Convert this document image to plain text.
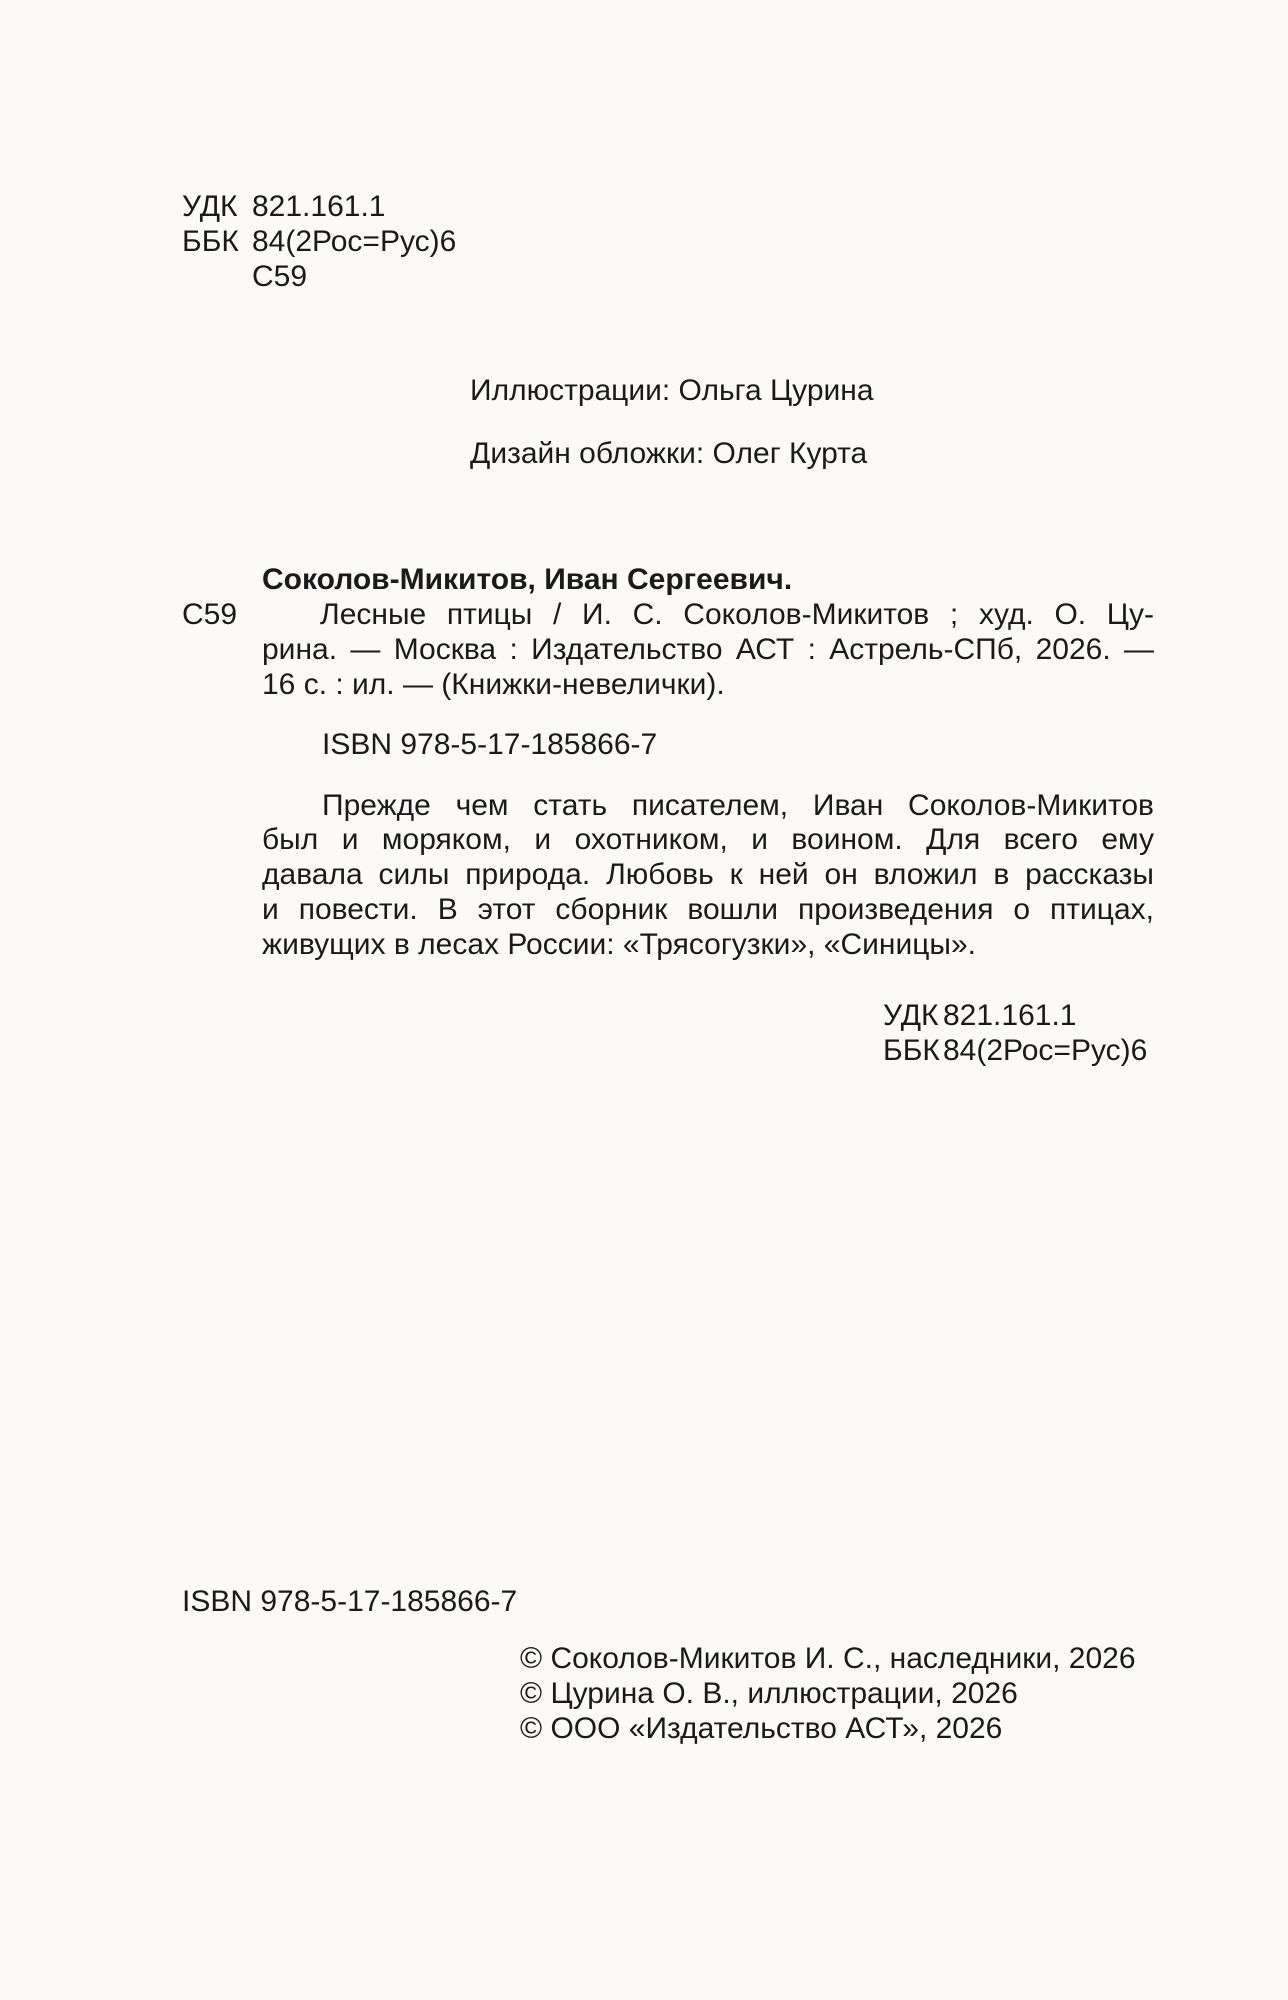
УДК 821.161.1
ББК 84(2Рос=Рус)6
С59
Иллюстрации: Ольга Цурина
Дизайн обложки: Олег Курта
Соколов-Микитов, Иван Сергеевич.
С59	Лесные птицы / И. С. Соколов-Микитов ; худ. О. Цу-
рина. — Москва : Издательство АСТ : Астрель-СПб, 2026. —
16 с. : ил. — (Книжки-невелички).
ISBN 978-5-17-185866-7
Прежде чем стать писателем, Иван Соколов-Микитов
был и моряком, и охотником, и воином. Для всего ему
давала силы природа. Любовь к ней он вложил в рассказы
и повести. В этот сборник вошли произведения о птицах,
живущих в лесах России: «Трясогузки», «Синицы».
УДК 821.161.1
ББК 84(2Рос=Рус)6
ISBN 978-5-17-185866-7
© Соколов-Микитов И. С., наследники, 2026
© Цурина О. В., иллюстрации, 2026
© ООО «Издательство АСТ», 2026
